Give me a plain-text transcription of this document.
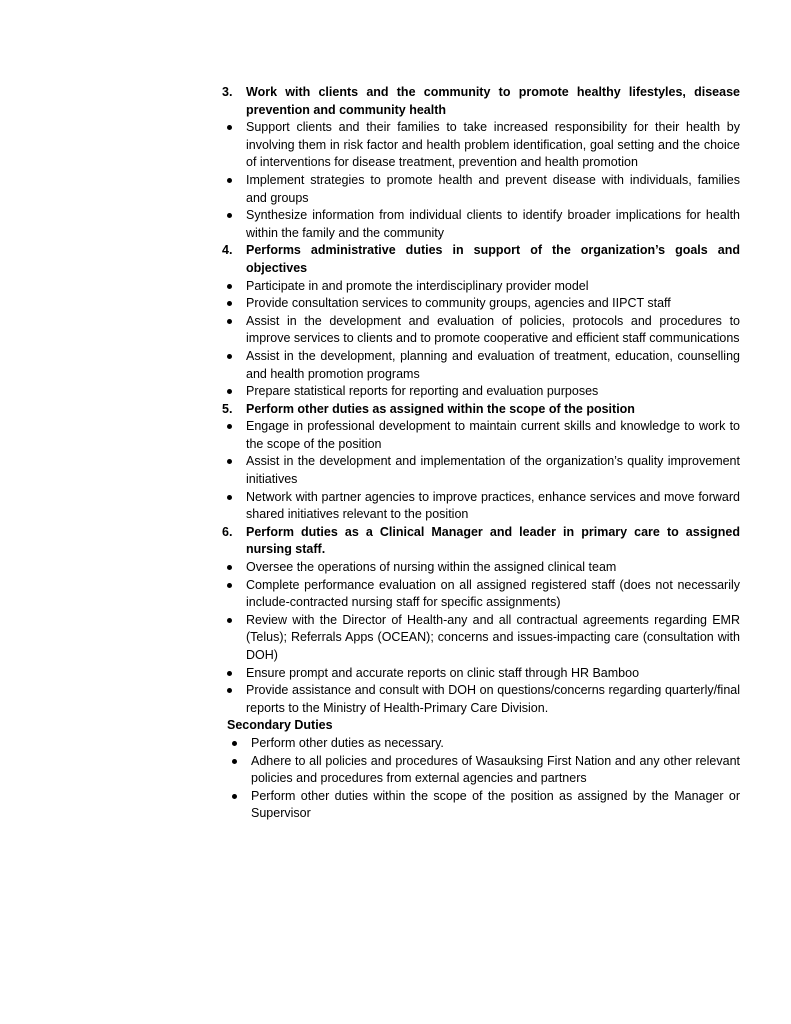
3.	Work with clients and the community to promote healthy lifestyles, disease prevention and community health
Support clients and their families to take increased responsibility for their health by involving them in risk factor and health problem identification, goal setting and the choice of interventions for disease treatment, prevention and health promotion
Implement strategies to promote health and prevent disease with individuals, families and groups
Synthesize information from individual clients to identify broader implications for health within the family and the community
4.	Performs administrative duties in support of the organization’s goals and objectives
Participate in and promote the interdisciplinary provider model
Provide consultation services to community groups, agencies and IIPCT staff
Assist in the development and evaluation of policies, protocols and procedures to improve services to clients and to promote cooperative and efficient staff communications
Assist in the development, planning and evaluation of treatment, education, counselling and health promotion programs
Prepare statistical reports for reporting and evaluation purposes
5.	Perform other duties as assigned within the scope of the position
Engage in professional development to maintain current skills and knowledge to work to the scope of the position
Assist in the development and implementation of the organization’s quality improvement initiatives
Network with partner agencies to improve practices, enhance services and move forward shared initiatives relevant to the position
6.	Perform duties as a Clinical Manager and leader in primary care to assigned nursing staff.
Oversee the operations of nursing within the assigned clinical team
Complete performance evaluation on all assigned registered staff (does not necessarily include-contracted nursing staff for specific assignments)
Review with the Director of Health-any and all contractual agreements regarding EMR (Telus); Referrals Apps (OCEAN); concerns and issues-impacting care (consultation with DOH)
Ensure prompt and accurate reports on clinic staff through HR Bamboo
Provide assistance and consult with DOH on questions/concerns regarding quarterly/final reports to the Ministry of Health-Primary Care Division.
Secondary Duties
Perform other duties as necessary.
Adhere to all policies and procedures of Wasauksing First Nation and any other relevant policies and procedures from external agencies and partners
Perform other duties within the scope of the position as assigned by the Manager or Supervisor
